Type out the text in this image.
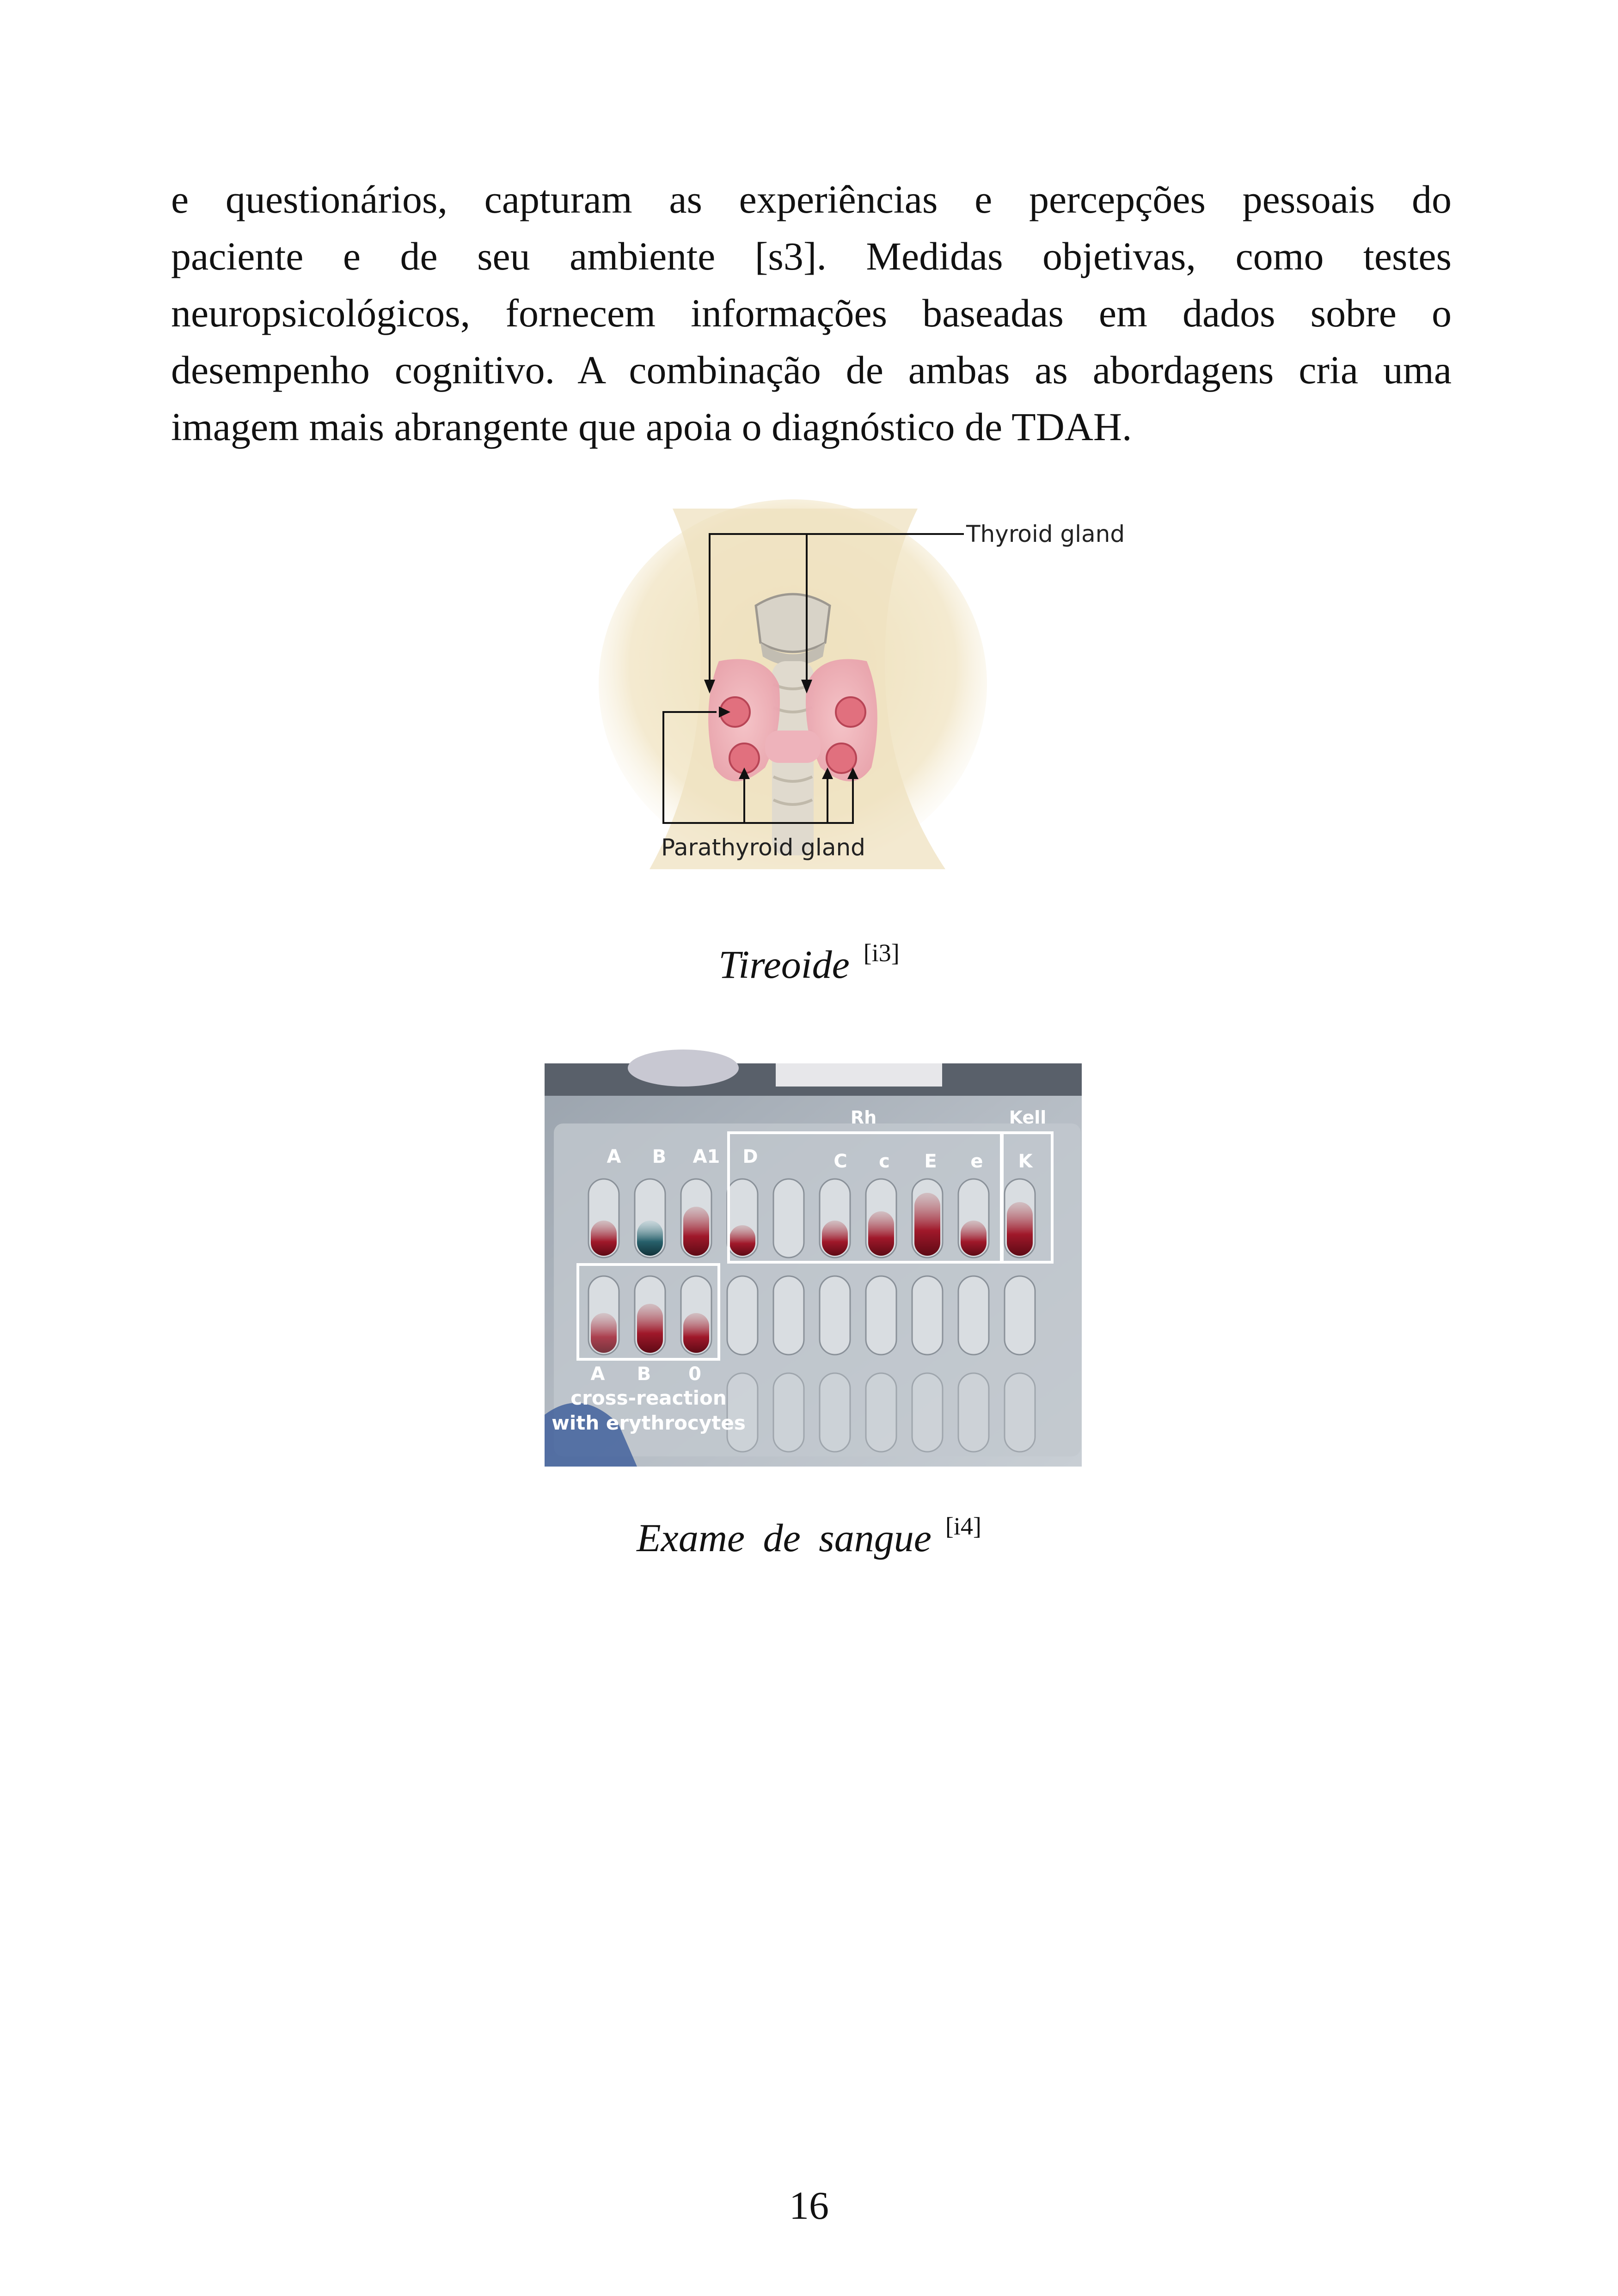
e questionários, capturam as experiências e percepções pessoais do
paciente e de seu ambiente [s3]. Medidas objetivas, como testes
neuropsicológicos, fornecem informações baseadas em dados sobre o
desempenho cognitivo. A combinação de ambas as abordagens cria uma
imagem mais abrangente que apoia o diagnóstico de TDAH.
Thyroid gland
Parathyroid gland
Tireoide [i3]
Rh	Kell
A B A1 D	C c E e K
A B 0
cross-reaction
with erythrocytes
Exame de sangue [i4]
16
